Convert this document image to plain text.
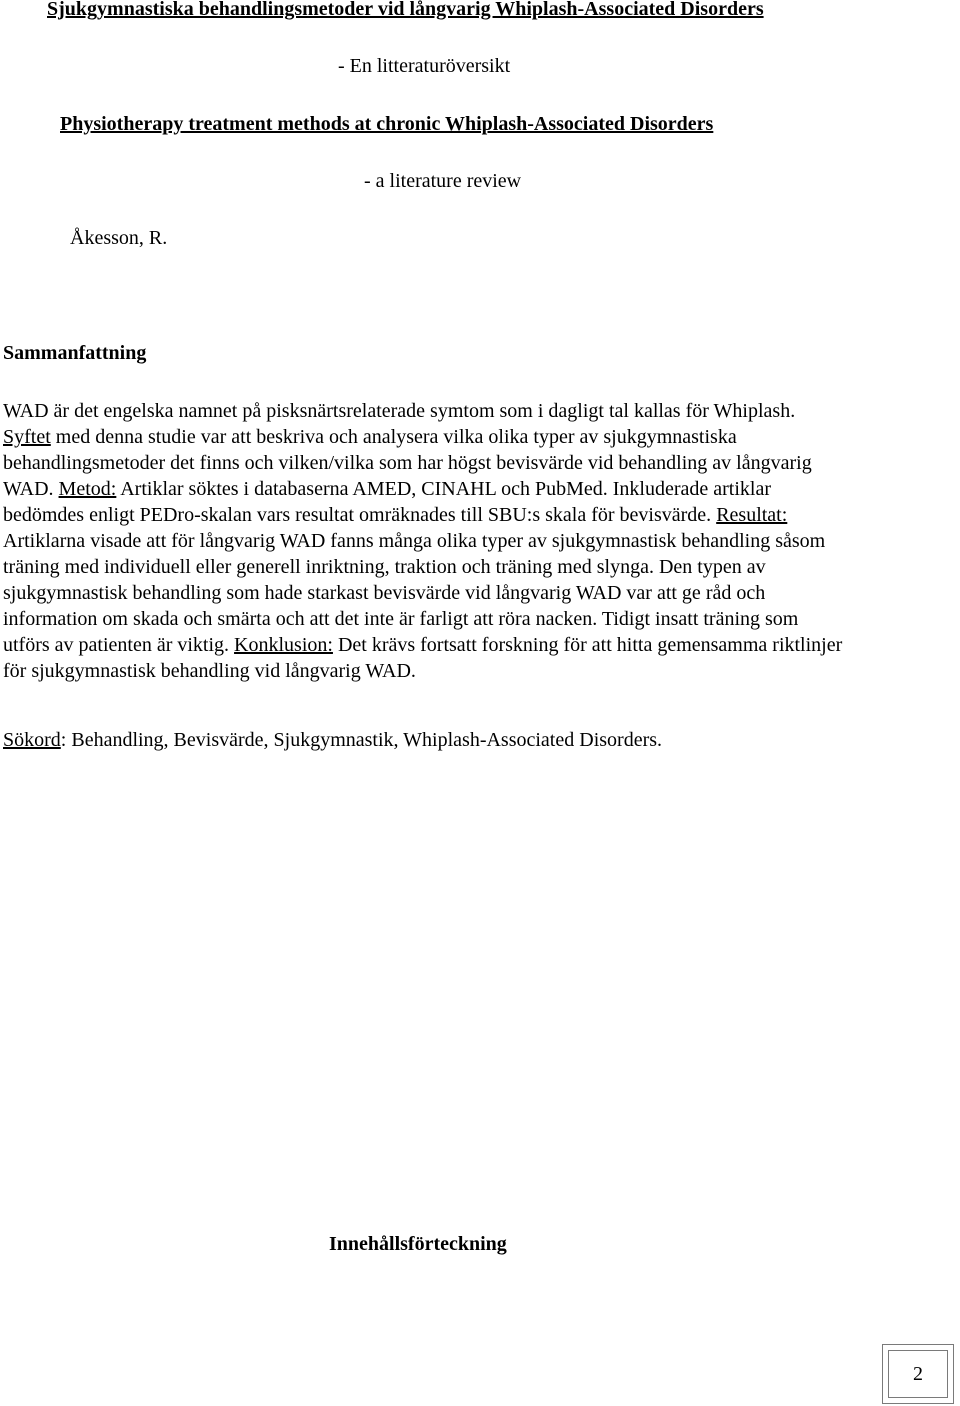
Sjukgymnastiska behandlingsmetoder vid långvarig Whiplash-Associated Disorders
- En litteraturöversikt
Physiotherapy treatment methods at chronic Whiplash-Associated Disorders
- a literature review
Åkesson, R.
Sammanfattning

WAD är det engelska namnet på pisksnärtsrelaterade symtom som i dagligt tal kallas för Whiplash. Syftet med denna studie var att beskriva och analysera vilka olika typer av sjukgymnastiska behandlingsmetoder det finns och vilken/vilka som har högst bevisvärde vid behandling av långvarig WAD. Metod: Artiklar söktes i databaserna AMED, CINAHL och PubMed. Inkluderade artiklar bedömdes enligt PEDro-skalan vars resultat omräknades till SBU:s skala för bevisvärde. Resultat: Artiklarna visade att för långvarig WAD fanns många olika typer av sjukgymnastisk behandling såsom träning med individuell eller generell inriktning, traktion och träning med slynga. Den typen av sjukgymnastisk behandling som hade starkast bevisvärde vid långvarig WAD var att ge råd och information om skada och smärta och att det inte är farligt att röra nacken. Tidigt insatt träning som utförs av patienten är viktig. Konklusion: Det krävs fortsatt forskning för att hitta gemensamma riktlinjer för sjukgymnastisk behandling vid långvarig WAD.

Sökord: Behandling, Bevisvärde, Sjukgymnastik, Whiplash-Associated Disorders.
Innehållsförteckning
2
